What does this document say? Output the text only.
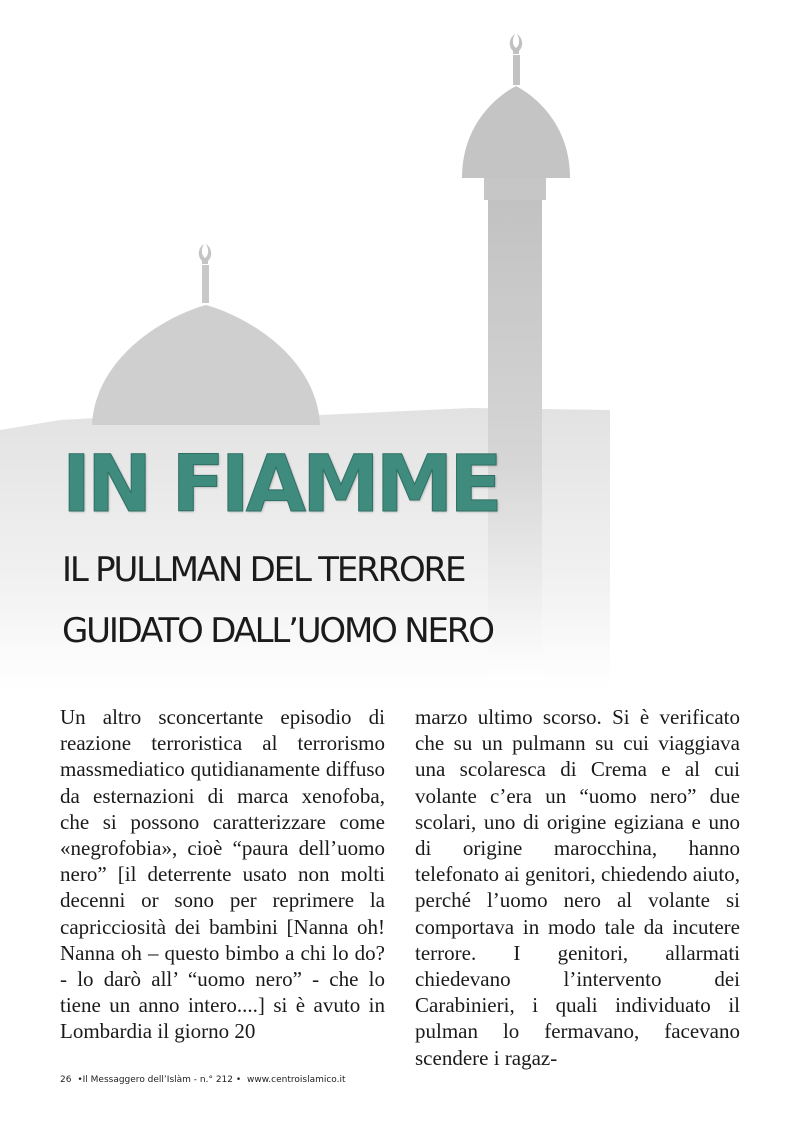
IN FIAMME
IL PULLMAN DEL TERRORE
GUIDATO DALL’UOMO NERO

Un altro sconcertante episodio di reazione terroristica al terrorismo massmediatico qutidianamente diffuso da esternazioni di marca xenofoba, che si possono caratterizzare come «negrofobia», cioè “paura dell’uomo nero” [il deterrente usato non molti decenni or sono per reprimere la capricciosità dei bambini [Nanna oh! Nanna oh – questo bimbo a chi lo do? - lo darò all’ “uomo nero” - che lo tiene un anno intero....] si è avuto in Lombardia il giorno 20

marzo ultimo scorso. Si è verificato che su un pulmann su cui viaggiava una scolaresca di Crema e al cui volante c’era un “uomo nero” due scolari, uno di origine egiziana e uno di origine marocchina, hanno telefonato ai genitori, chiedendo aiuto, perché l’uomo nero al volante si comportava in modo tale da incutere terrore. I genitori, allarmati chiedevano l’intervento dei Carabinieri, i quali individuato il pulman lo fermavano, facevano scendere i ragaz-

26 •Il Messaggero dell’Islàm - n.° 212 • www.centroislamico.it
